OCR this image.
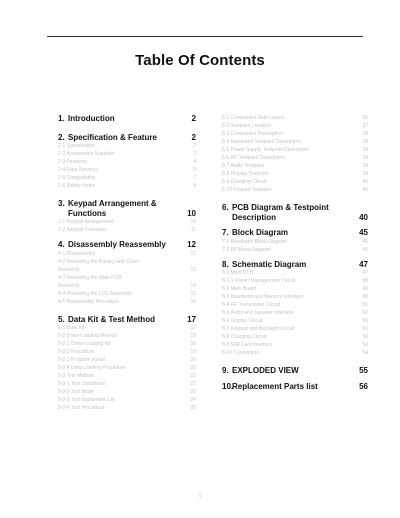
Table Of Contents
1. Introduction	2
2. Specification & Feature	2
2-1 Specification	2
2-2 Accessories Supplied	3
2-3 Features	4
2-4 Data Services	5
2-5 Compatibility	7
2-6 Safety Notes	8
3. Keypad Arrangement &
Functions	10
3-1 Keypad Arrangement	10
3-2 Keypad Functions	11
4. Disassembly Reassembly	12
4-1 Disassembly	12
4-2 Removing the Battery and Cover
Assembly	13
4-3 Removing the Main PCB
Assembly	14
4-4 Removing the LCD Assembly	15
4-5 Reassembly Procedure	16
5. Data Kit & Test Method	17
5-1 Data Kit	17
5-2 Down-Loading Method	18
5-2-1 Down-Loading Kit	18
5-2-2 Procedure	19
5-2-3 Program Install	20
5-2-4 Data Loading Procedure	21
5-3 Test Method	22
5-3-1 Test Conditions	22
5-3-2 Test Mode	23
5-3-3 Test Equipment List	24
5-3-4 Test Procedure	25
6-1 Component Side Layout	36
6-2 Testpoint Location	37
6-3 Component Description	38
6-4 Baseband Testpoint Description	38
6-5 Power Supply Testpoint Description	39
6-6 RF Testpoint Description	39
6-7 Audio Testpoint	39
6-8 Display Testpoint	39
6-9 Charging Circuit	40
6-10 Keypad Testpoint	40
6. PCB Diagram & Testpoint
Description	40
7. Block Diagram	45
7-1 Baseband Block Diagram	45
7-2 RF Block Diagram	46
8. Schematic Diagram	47
8-1 Main PCB	47
8-1-1 Power Management Circuit	48
8-2 Main Board	49
8-3 Baseband and Memory Interface	50
8-4 RF Transceiver Circuit	51
8-5 Audio and Speaker Interface	52
8-6 Display Circuit	53
8-7 Keypad and Backlight Circuit	53
8-8 Charging Circuit	54
8-9 SIM Card Interface	54
8-10 Connectors	54
9. EXPLODED VIEW	55
10.Replacement Parts list	56
1
